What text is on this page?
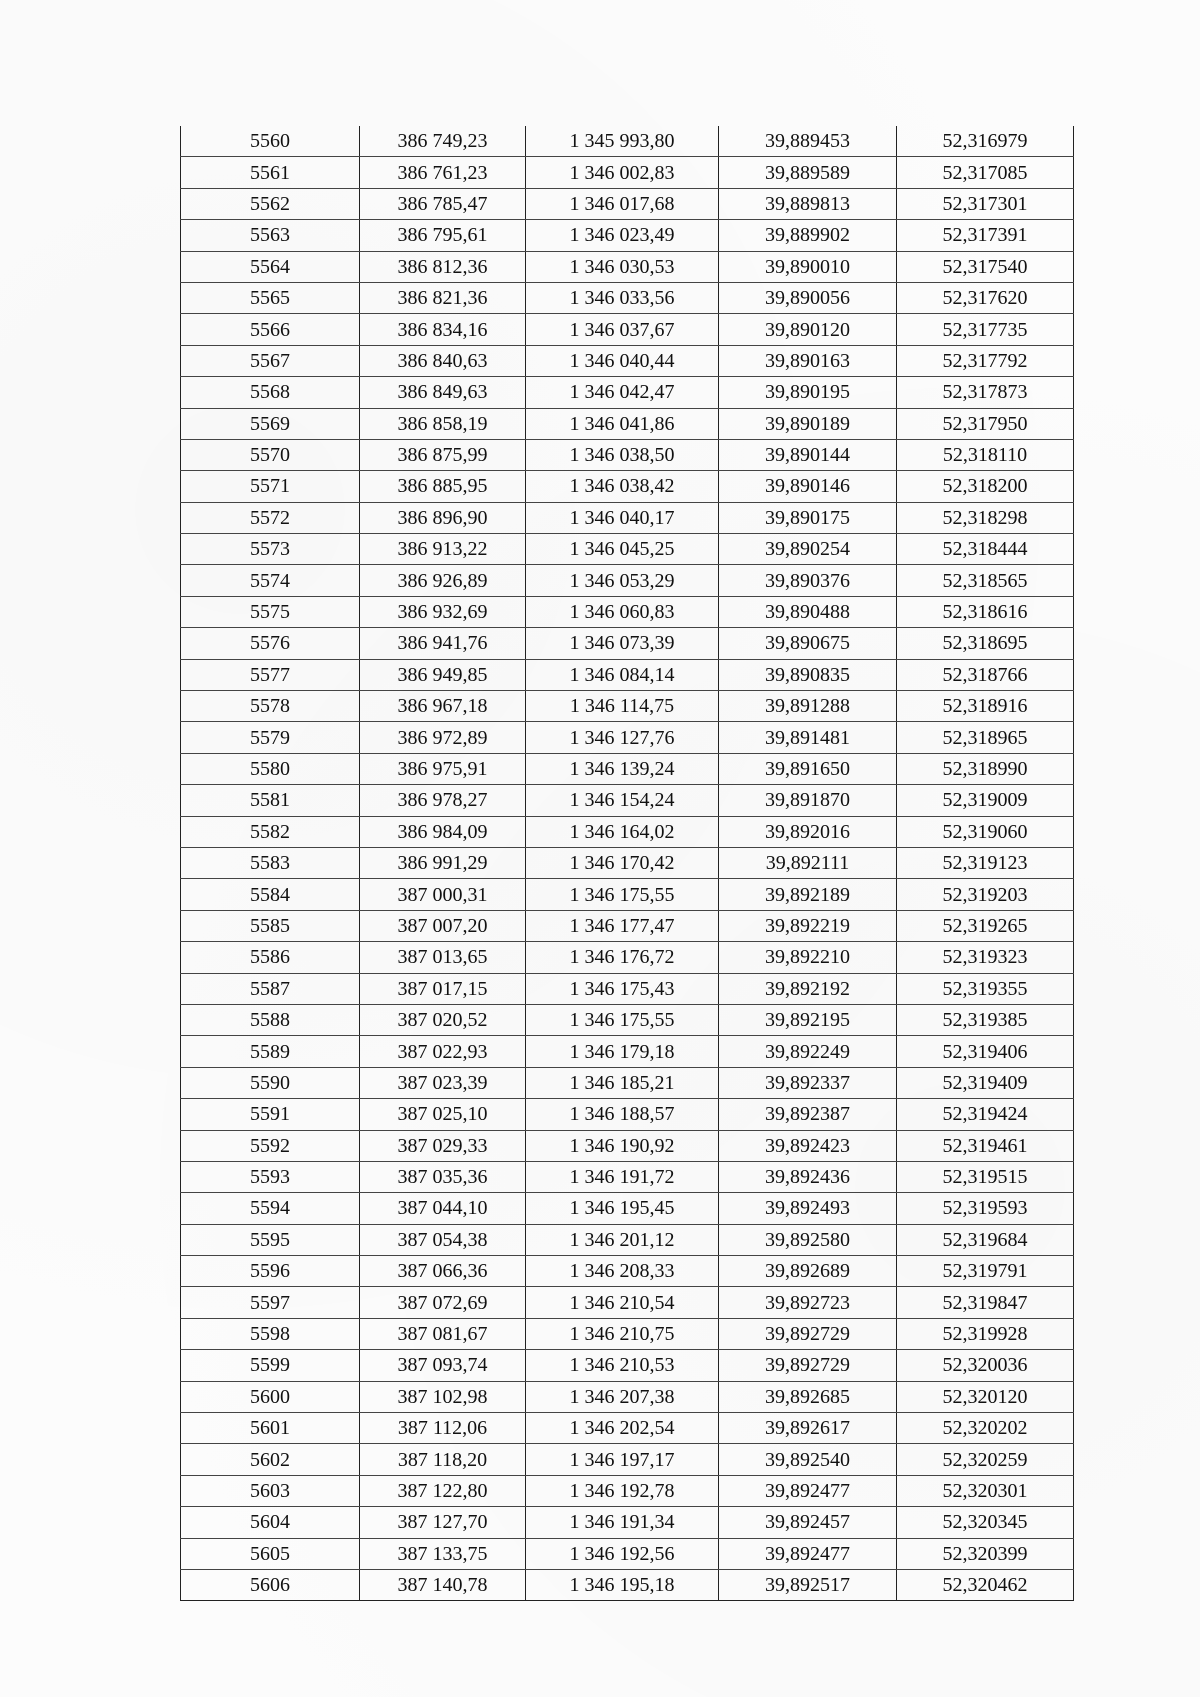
5560	386 749,23	1 345 993,80	39,889453	52,316979
5561	386 761,23	1 346 002,83	39,889589	52,317085
5562	386 785,47	1 346 017,68	39,889813	52,317301
5563	386 795,61	1 346 023,49	39,889902	52,317391
5564	386 812,36	1 346 030,53	39,890010	52,317540
5565	386 821,36	1 346 033,56	39,890056	52,317620
5566	386 834,16	1 346 037,67	39,890120	52,317735
5567	386 840,63	1 346 040,44	39,890163	52,317792
5568	386 849,63	1 346 042,47	39,890195	52,317873
5569	386 858,19	1 346 041,86	39,890189	52,317950
5570	386 875,99	1 346 038,50	39,890144	52,318110
5571	386 885,95	1 346 038,42	39,890146	52,318200
5572	386 896,90	1 346 040,17	39,890175	52,318298
5573	386 913,22	1 346 045,25	39,890254	52,318444
5574	386 926,89	1 346 053,29	39,890376	52,318565
5575	386 932,69	1 346 060,83	39,890488	52,318616
5576	386 941,76	1 346 073,39	39,890675	52,318695
5577	386 949,85	1 346 084,14	39,890835	52,318766
5578	386 967,18	1 346 114,75	39,891288	52,318916
5579	386 972,89	1 346 127,76	39,891481	52,318965
5580	386 975,91	1 346 139,24	39,891650	52,318990
5581	386 978,27	1 346 154,24	39,891870	52,319009
5582	386 984,09	1 346 164,02	39,892016	52,319060
5583	386 991,29	1 346 170,42	39,892111	52,319123
5584	387 000,31	1 346 175,55	39,892189	52,319203
5585	387 007,20	1 346 177,47	39,892219	52,319265
5586	387 013,65	1 346 176,72	39,892210	52,319323
5587	387 017,15	1 346 175,43	39,892192	52,319355
5588	387 020,52	1 346 175,55	39,892195	52,319385
5589	387 022,93	1 346 179,18	39,892249	52,319406
5590	387 023,39	1 346 185,21	39,892337	52,319409
5591	387 025,10	1 346 188,57	39,892387	52,319424
5592	387 029,33	1 346 190,92	39,892423	52,319461
5593	387 035,36	1 346 191,72	39,892436	52,319515
5594	387 044,10	1 346 195,45	39,892493	52,319593
5595	387 054,38	1 346 201,12	39,892580	52,319684
5596	387 066,36	1 346 208,33	39,892689	52,319791
5597	387 072,69	1 346 210,54	39,892723	52,319847
5598	387 081,67	1 346 210,75	39,892729	52,319928
5599	387 093,74	1 346 210,53	39,892729	52,320036
5600	387 102,98	1 346 207,38	39,892685	52,320120
5601	387 112,06	1 346 202,54	39,892617	52,320202
5602	387 118,20	1 346 197,17	39,892540	52,320259
5603	387 122,80	1 346 192,78	39,892477	52,320301
5604	387 127,70	1 346 191,34	39,892457	52,320345
5605	387 133,75	1 346 192,56	39,892477	52,320399
5606	387 140,78	1 346 195,18	39,892517	52,320462
